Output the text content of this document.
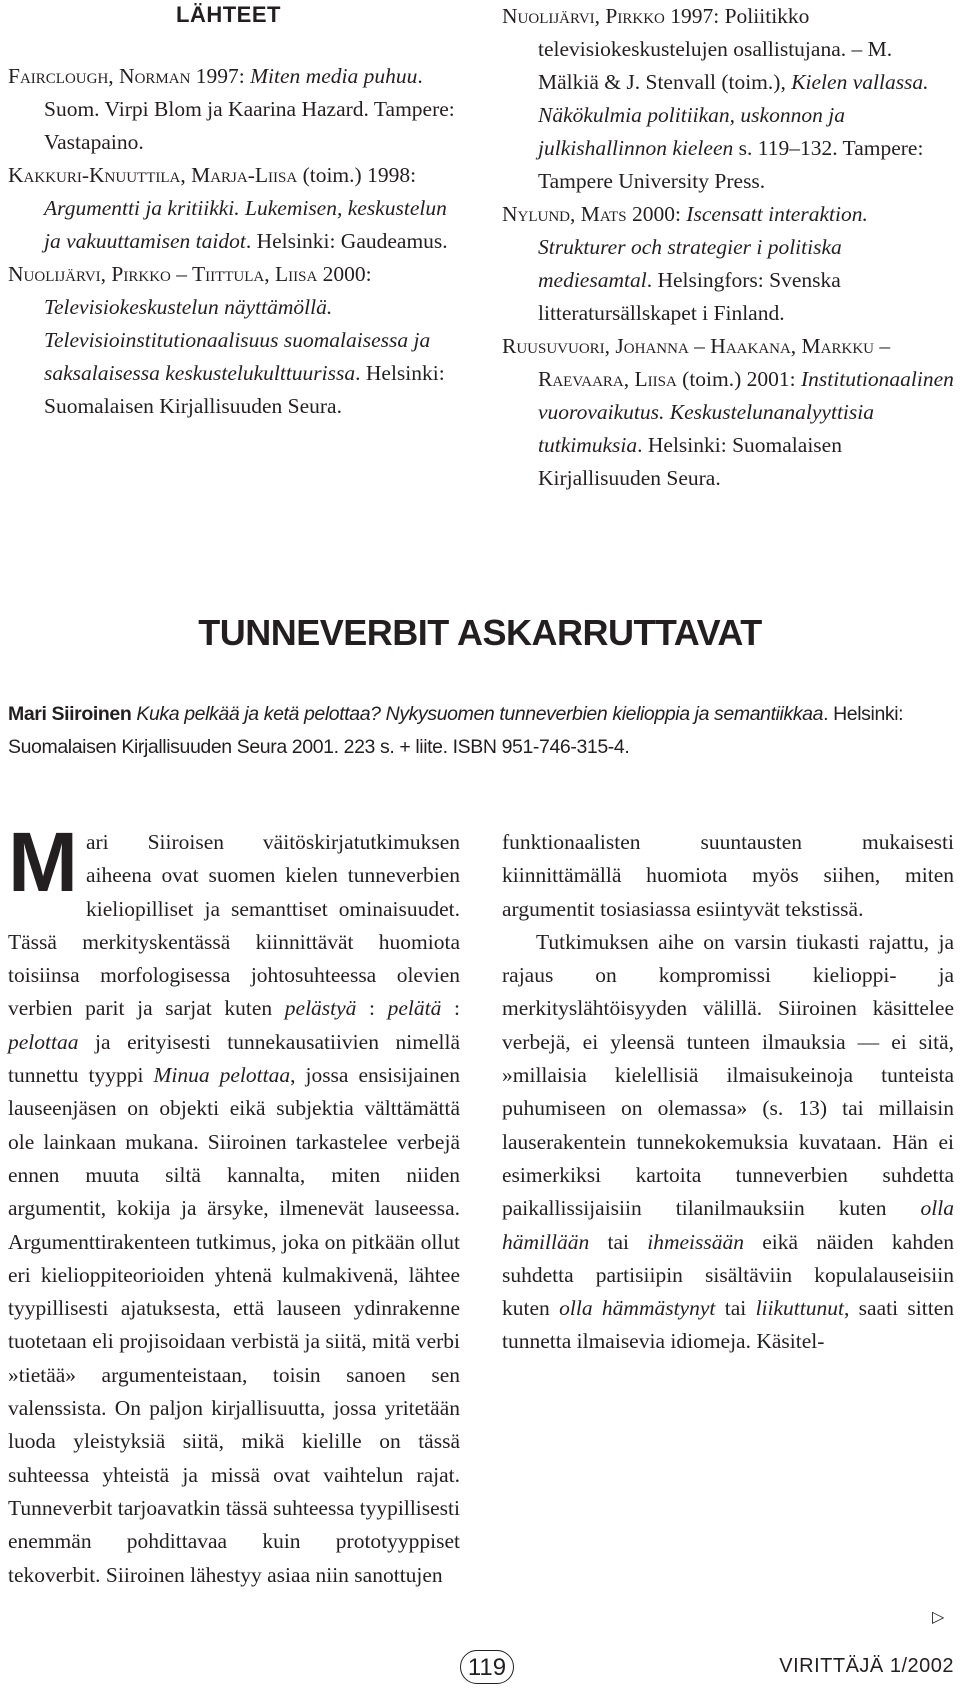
LÄHTEET

Fairclough, Norman 1997: Miten media puhuu. Suom. Virpi Blom ja Kaarina Hazard. Tampere: Vastapaino.

Kakkuri-Knuuttila, Marja-Liisa (toim.) 1998: Argumentti ja kritiikki. Lukemisen, keskustelun ja vakuuttamisen taidot. Helsinki: Gaudeamus.

Nuolijärvi, Pirkko – Tiittula, Liisa 2000: Televisiokeskustelun näyttämöllä. Televisioinstitutionaalisuus suomalaisessa ja saksalaisessa keskustelukulttuurissa. Helsinki: Suomalaisen Kirjallisuuden Seura.

Nuolijärvi, Pirkko 1997: Poliitikko televisiokeskustelujen osallistujana. – M. Mälkiä & J. Stenvall (toim.), Kielen vallassa. Näkökulmia politiikan, uskonnon ja julkishallinnon kieleen s. 119–132. Tampere: Tampere University Press.

Nylund, Mats 2000: Iscensatt interaktion. Strukturer och strategier i politiska mediesamtal. Helsingfors: Svenska litteratursällskapet i Finland.

Ruusuvuori, Johanna – Haakana, Markku – Raevaara, Liisa (toim.) 2001: Institutionaalinen vuorovaikutus. Keskustelunanalyyttisia tutkimuksia. Helsinki: Suomalaisen Kirjallisuuden Seura.

TUNNEVERBIT ASKARRUTTAVAT
Mari Siiroinen Kuka pelkää ja ketä pelottaa? Nykysuomen tunneverbien kielioppia ja semantiikkaa. Helsinki: Suomalaisen Kirjallisuuden Seura 2001. 223 s. + liite. ISBN 951-746-315-4.

Mari Siiroisen väitöskirjatutkimuksen aiheena ovat suomen kielen tunneverbien kieliopilliset ja semanttiset ominaisuudet. Tässä merkityskentässä kiinnittävät huomiota toisiinsa morfologisessa johtosuhteessa olevien verbien parit ja sarjat kuten pelästyä : pelätä : pelottaa ja erityisesti tunnekausatiivien nimellä tunnettu tyyppi Minua pelottaa, jossa ensisijainen lauseenjäsen on objekti eikä subjektia välttämättä ole lainkaan mukana. Siiroinen tarkastelee verbejä ennen muuta siltä kannalta, miten niiden argumentit, kokija ja ärsyke, ilmenevät lauseessa. Argumenttirakenteen tutkimus, joka on pitkään ollut eri kielioppiteorioiden yhtenä kulmakivenä, lähtee tyypillisesti ajatuksesta, että lauseen ydinrakenne tuotetaan eli projisoidaan verbistä ja siitä, mitä verbi »tietää» argumenteistaan, toisin sanoen sen valenssista. On paljon kirjallisuutta, jossa yritetään luoda yleistyksiä siitä, mikä kielille on tässä suhteessa yhteistä ja missä ovat vaihtelun rajat. Tunneverbit tarjoavatkin tässä suhteessa tyypillisesti enemmän pohdittavaa kuin prototyyppiset tekoverbit. Siiroinen lähestyy asiaa niin sanottujen

funktionaalisten suuntausten mukaisesti kiinnittämällä huomiota myös siihen, miten argumentit tosiasiassa esiintyvät tekstissä.

Tutkimuksen aihe on varsin tiukasti rajattu, ja rajaus on kompromissi kielioppi- ja merkityslähtöisyyden välillä. Siiroinen käsittelee verbejä, ei yleensä tunteen ilmauksia — ei sitä, »millaisia kielellisiä ilmaisukeinoja tunteista puhumiseen on olemassa» (s. 13) tai millaisin lauserakentein tunnekokemuksia kuvataan. Hän ei esimerkiksi kartoita tunneverbien suhdetta paikallissijaisiin tilanilmauksiin kuten olla hämillään tai ihmeissään eikä näiden kahden suhdetta partisiipin sisältäviin kopulalauseisiin kuten olla hämmästynyt tai liikuttunut, saati sitten tunnetta ilmaisevia idiomeja. Käsitel-

▷
119	VIRITTÄJÄ 1/2002
